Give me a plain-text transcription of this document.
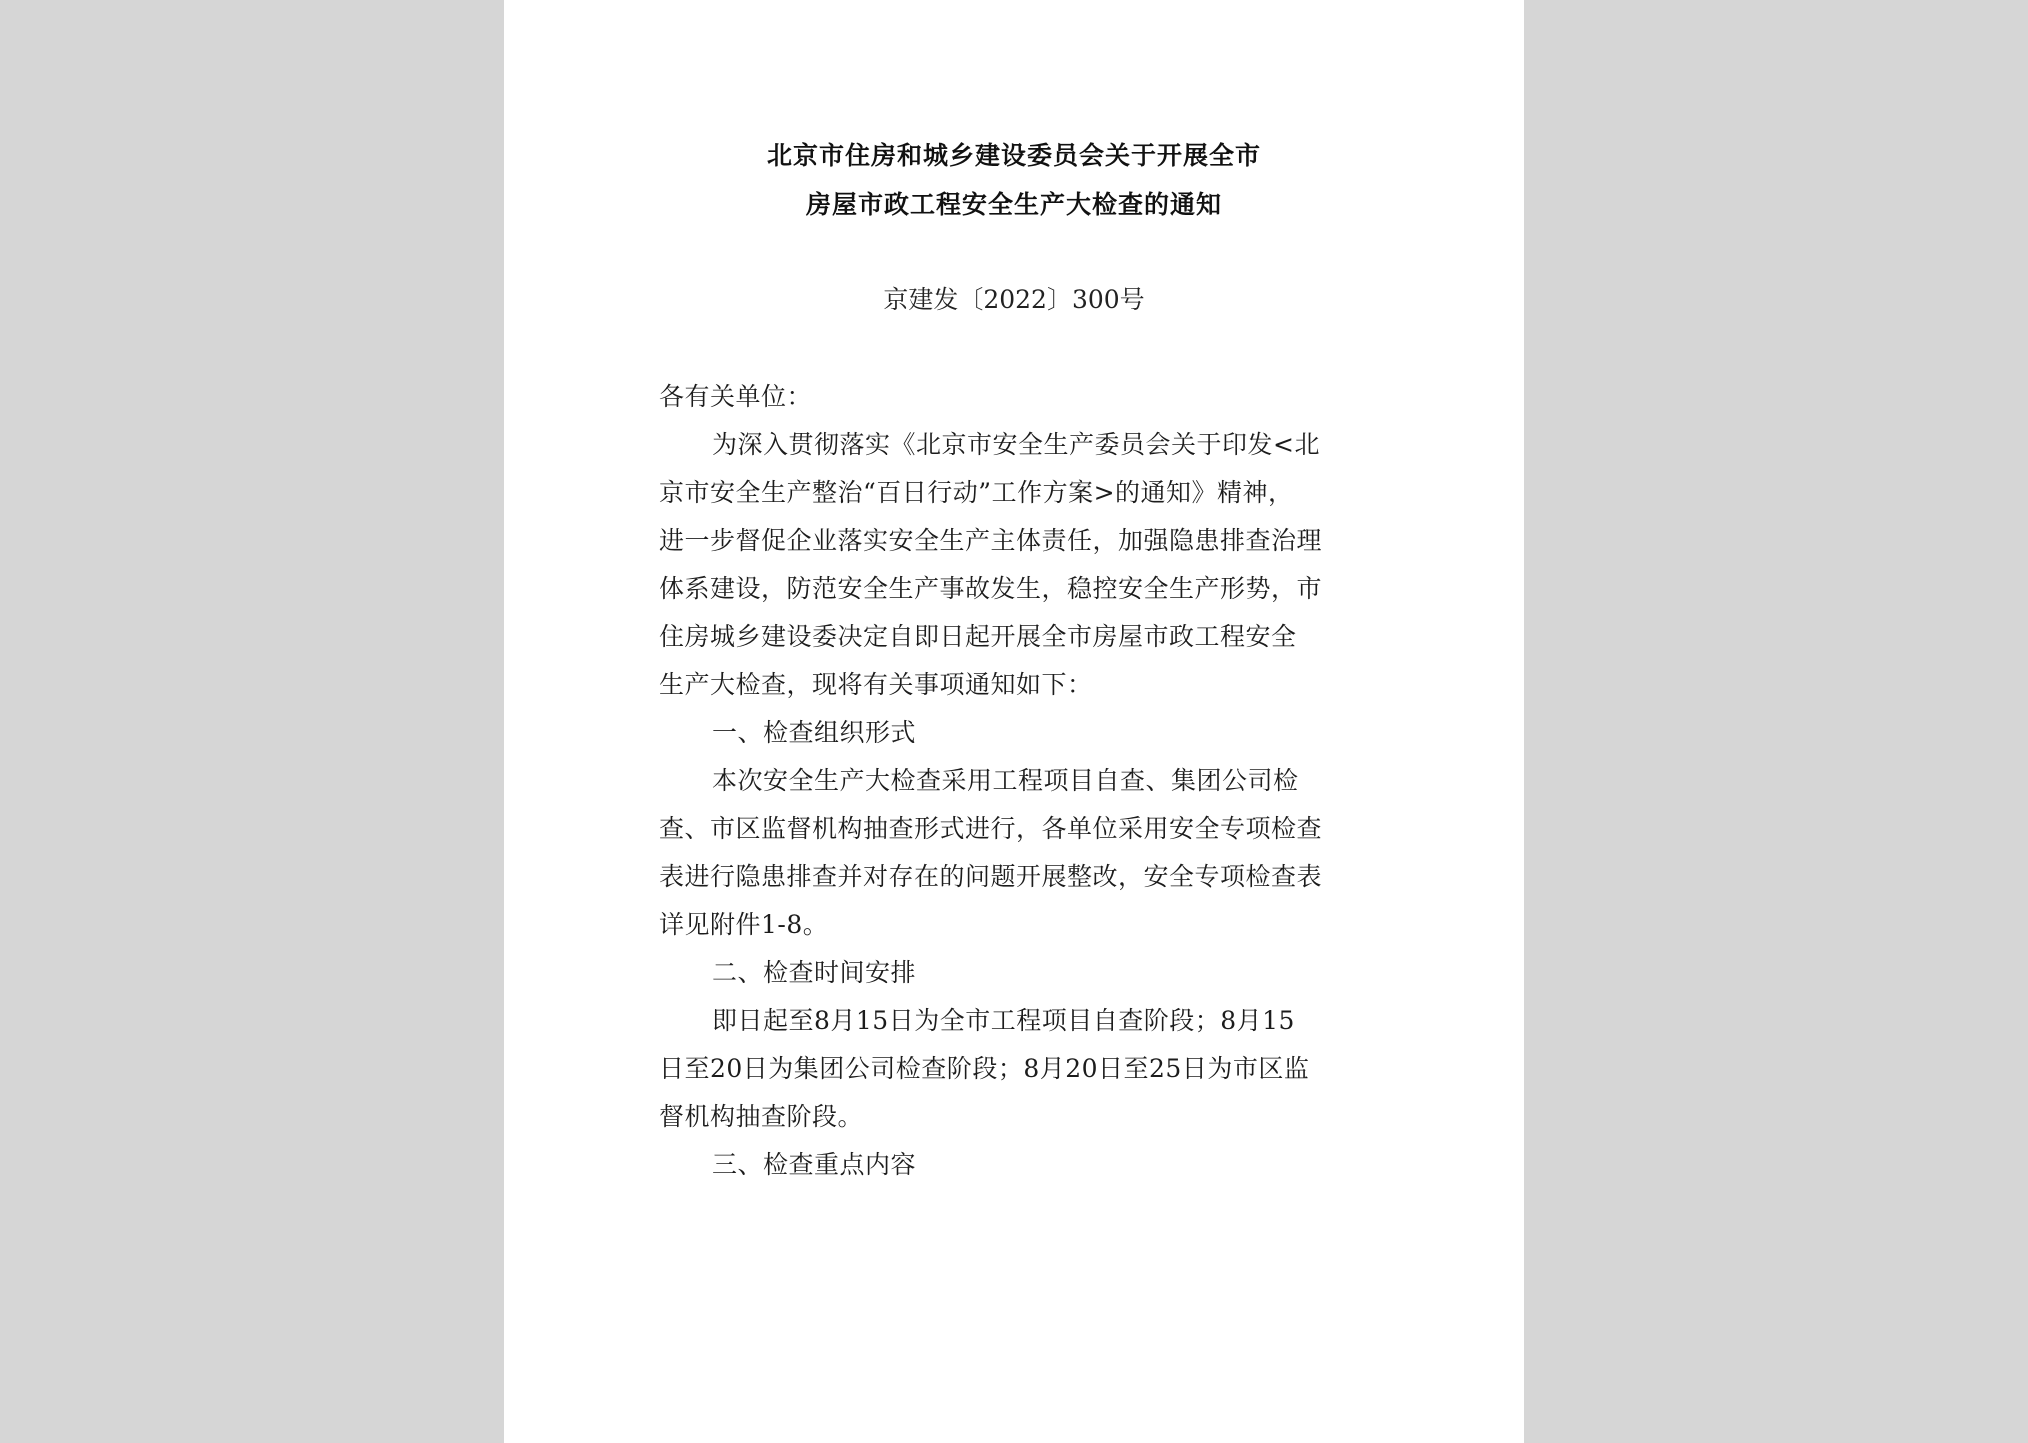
北京市住房和城乡建设委员会关于开展全市
房屋市政工程安全生产大检查的通知
京建发〔2022〕300号
各有关单位：
为深入贯彻落实《北京市安全生产委员会关于印发<北
京市安全生产整治“百日行动”工作方案>的通知》精神，
进一步督促企业落实安全生产主体责任，加强隐患排查治理
体系建设，防范安全生产事故发生，稳控安全生产形势，市
住房城乡建设委决定自即日起开展全市房屋市政工程安全
生产大检查，现将有关事项通知如下：
一、检查组织形式
本次安全生产大检查采用工程项目自查、集团公司检
查、市区监督机构抽查形式进行，各单位采用安全专项检查
表进行隐患排查并对存在的问题开展整改，安全专项检查表
详见附件1-8。
二、检查时间安排
即日起至8月15日为全市工程项目自查阶段；8月15
日至20日为集团公司检查阶段；8月20日至25日为市区监
督机构抽查阶段。
三、检查重点内容
